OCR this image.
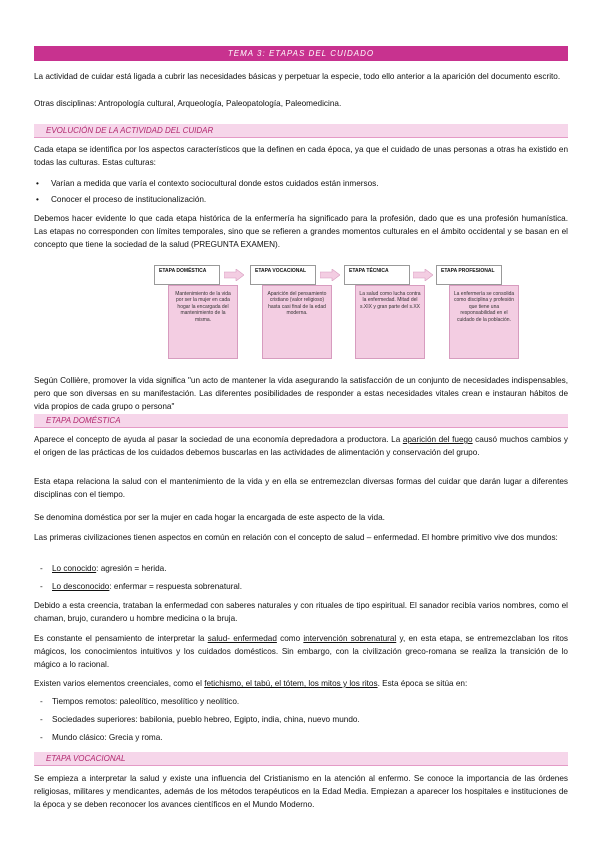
TEMA 3: ETAPAS DEL CUIDADO
La actividad de cuidar está ligada a cubrir las necesidades básicas y perpetuar la especie, todo ello anterior a la aparición del documento escrito.
Otras disciplinas: Antropología cultural, Arqueología, Paleopatología, Paleomedicina.
EVOLUCIÓN DE LA ACTIVIDAD DEL CUIDAR
Cada etapa se identifica por los aspectos característicos que la definen en cada época, ya que el cuidado de unas personas a otras ha existido en todas las culturas. Estas culturas:
• Varían a medida que varía el contexto sociocultural donde estos cuidados están inmersos.
• Conocer el proceso de institucionalización.
Debemos hacer evidente lo que cada etapa histórica de la enfermería ha significado para la profesión, dado que es una profesión humanística. Las etapas no corresponden con límites temporales, sino que se refieren a grandes momentos culturales en el ámbito occidental y se basan en el concepto que tiene la sociedad de la salud (PREGUNTA EXAMEN).
ETAPA DOMÉSTICA	ETAPA VOCACIONAL	ETAPA TÉCNICA	ETAPA PROFESIONAL
Mantenimiento de la vida por ser la mujer en cada hogar la encargada del mantenimiento de la misma.
Aparición del pensamiento cristiano (valor religioso) hasta casi final de la edad moderna.
La salud como lucha contra la enfermedad. Mitad del s.XIX y gran parte del s.XX
La enfermería se consolida como disciplina y profesión que tiene una responsabilidad en el cuidado de la población.
Según Collière, promover la vida significa "un acto de mantener la vida asegurando la satisfacción de un conjunto de necesidades indispensables, pero que son diversas en su manifestación. Las diferentes posibilidades de responder a estas necesidades vitales crean e instauran hábitos de vida propios de cada grupo o persona"
ETAPA DOMÉSTICA
Aparece el concepto de ayuda al pasar la sociedad de una economía depredadora a productora. La aparición del fuego causó muchos cambios y el origen de las prácticas de los cuidados debemos buscarlas en las actividades de alimentación y conservación del grupo.
Esta etapa relaciona la salud con el mantenimiento de la vida y en ella se entremezclan diversas formas del cuidar que darán lugar a diferentes disciplinas con el tiempo.
Se denomina doméstica por ser la mujer en cada hogar la encargada de este aspecto de la vida.
Las primeras civilizaciones tienen aspectos en común en relación con el concepto de salud – enfermedad. El hombre primitivo vive dos mundos:
- Lo conocido: agresión = herida.
- Lo desconocido: enfermar = respuesta sobrenatural.
Debido a esta creencia, trataban la enfermedad con saberes naturales y con rituales de tipo espiritual. El sanador recibía varios nombres, como el chaman, brujo, curandero u hombre medicina o la bruja.
Es constante el pensamiento de interpretar la salud- enfermedad como intervención sobrenatural y, en esta etapa, se entremezclaban los ritos mágicos, los conocimientos intuitivos y los cuidados domésticos. Sin embargo, con la civilización greco-romana se realiza la transición de lo mágico a lo racional.
Existen varios elementos creenciales, como el fetichismo, el tabú, el tótem, los mitos y los ritos. Esta época se sitúa en:
- Tiempos remotos: paleolítico, mesolítico y neolítico.
- Sociedades superiores: babilonia, pueblo hebreo, Egipto, india, china, nuevo mundo.
- Mundo clásico: Grecia y roma.
ETAPA VOCACIONAL
Se empieza a interpretar la salud y existe una influencia del Cristianismo en la atención al enfermo. Se conoce la importancia de las órdenes religiosas, militares y mendicantes, además de los métodos terapéuticos en la Edad Media. Empiezan a aparecer los hospitales e instituciones de la época y se deben reconocer los avances científicos en el Mundo Moderno.
